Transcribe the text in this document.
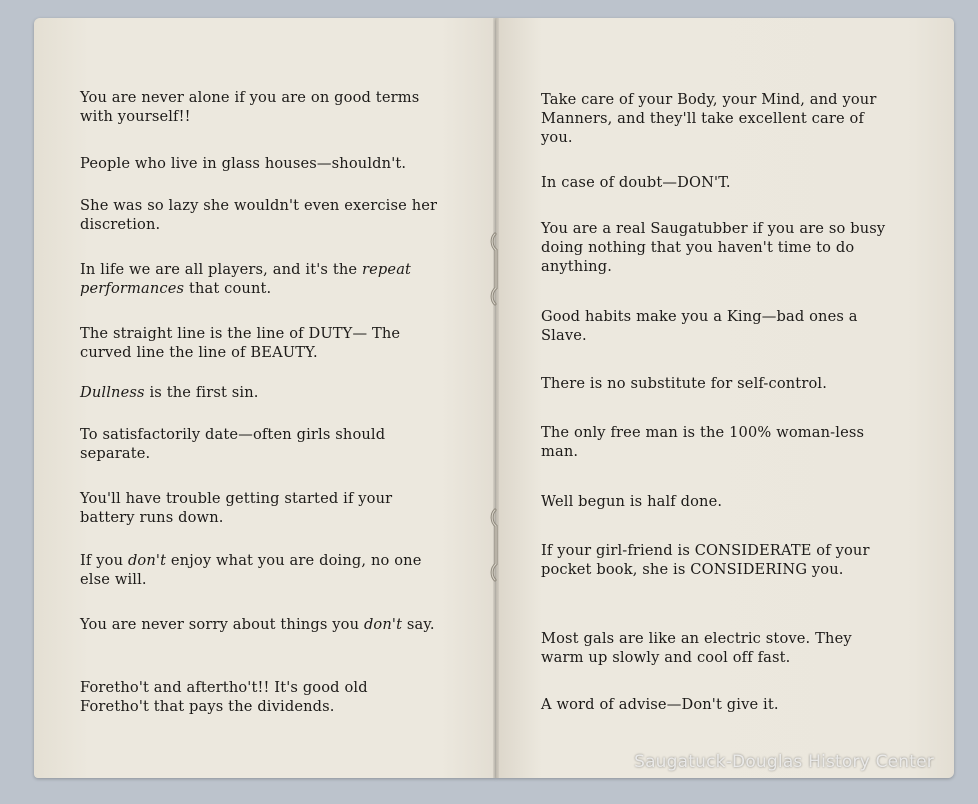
You are never alone if you are on good terms with yourself!!

People who live in glass houses—shouldn't.

She was so lazy she wouldn't even exercise her discretion.

In life we are all players, and it's the repeat performances that count.

The straight line is the line of DUTY— The curved line the line of BEAUTY.

Dullness is the first sin.

To satisfactorily date—often girls should separate.

You'll have trouble getting started if your battery runs down.

If you don't enjoy what you are doing, no one else will.

You are never sorry about things you don't say.

Foretho't and aftertho't!! It's good old Foretho't that pays the dividends.

Take care of your Body, your Mind, and your Manners, and they'll take excellent care of you.

In case of doubt—DON'T.

You are a real Saugatubber if you are so busy doing nothing that you haven't time to do anything.

Good habits make you a King—bad ones a Slave.

There is no substitute for self-control.

The only free man is the 100% woman-less man.

Well begun is half done.

If your girl-friend is CONSIDERATE of your pocket book, she is CONSIDERING you.

Most gals are like an electric stove. They warm up slowly and cool off fast.

A word of advise—Don't give it.

Saugatuck-Douglas History Center
